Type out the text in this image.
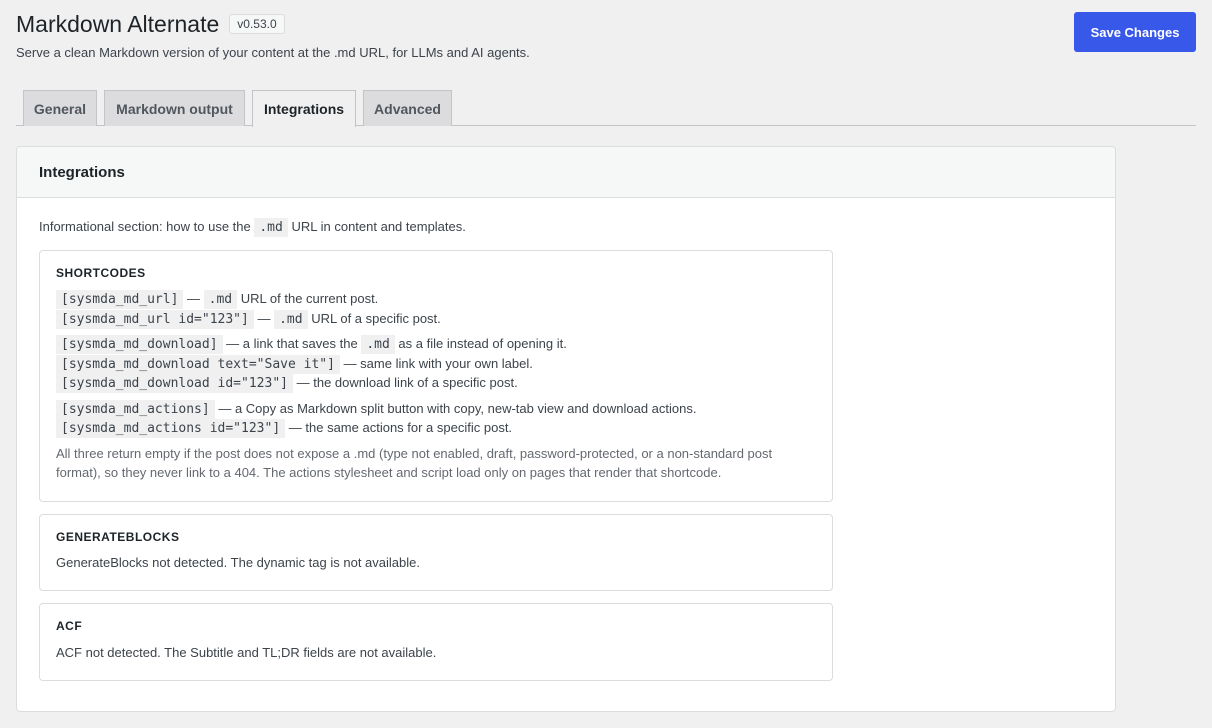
Markdown Alternate	v0.53.0

Serve a clean Markdown version of your content at the .md URL, for LLMs and AI agents.

Save Changes
General	Markdown output	Integrations	Advanced
Integrations

Informational section: how to use the .md URL in content and templates.

SHORTCODES
[sysmda_md_url] — .md URL of the current post.
[sysmda_md_url id="123"] — .md URL of a specific post.
[sysmda_md_download] — a link that saves the .md as a file instead of opening it.
[sysmda_md_download text="Save it"] — same link with your own label.
[sysmda_md_download id="123"] — the download link of a specific post.
[sysmda_md_actions] — a Copy as Markdown split button with copy, new-tab view and download actions.
[sysmda_md_actions id="123"] — the same actions for a specific post.

All three return empty if the post does not expose a .md (type not enabled, draft, password-protected, or a non-standard post format), so they never link to a 404. The actions stylesheet and script load only on pages that render that shortcode.

GENERATEBLOCKS

GenerateBlocks not detected. The dynamic tag is not available.

ACF

ACF not detected. The Subtitle and TL;DR fields are not available.
